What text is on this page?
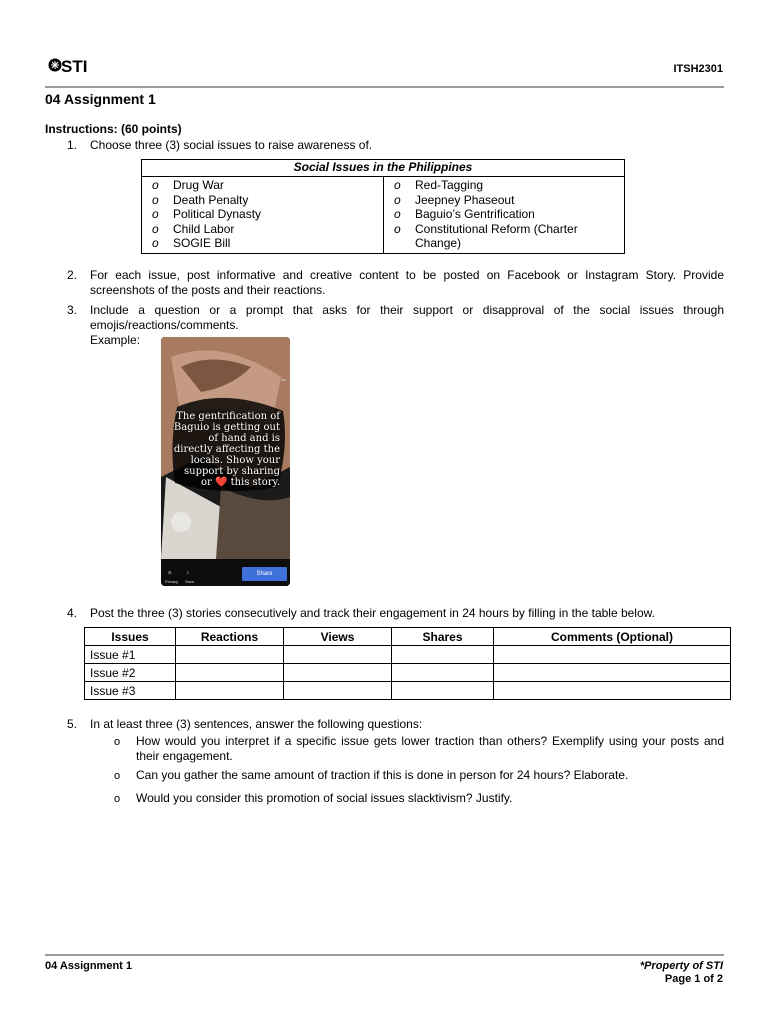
STI	ITSH2301
04 Assignment 1
Instructions: (60 points)
1. Choose three (3) social issues to raise awareness of.
Social Issues in the Philippines

o	Drug War
o	Death Penalty
o	Political Dynasty
o	Child Labor
o	SOGIE Bill

o	Red-Tagging
o	Jeepney Phaseout
o	Baguio’s Gentrification
o	Constitutional Reform (Charter Change)
2. For each issue, post informative and creative content to be posted on Facebook or Instagram Story. Provide screenshots of the posts and their reactions.
3. Include a question or a prompt that asks for their support or disapproval of the social issues through emojis/reactions/comments.
Example:
Aa
The gentrification of Baguio is getting out of hand and is directly affecting the locals. Show your support by sharing or ❤️ this story.
⚙
Privacy
⇩
Save
Share
4. Post the three (3) stories consecutively and track their engagement in 24 hours by filling in the table below.
Issues	Reactions	Views	Shares	Comments (Optional)
Issue #1				
Issue #2				
Issue #3				
5. In at least three (3) sentences, answer the following questions:
o How would you interpret if a specific issue gets lower traction than others? Exemplify using your posts and their engagement.
o Can you gather the same amount of traction if this is done in person for 24 hours? Elaborate.
o Would you consider this promotion of social issues slacktivism? Justify.
04 Assignment 1	*Property of STI
Page 1 of 2
